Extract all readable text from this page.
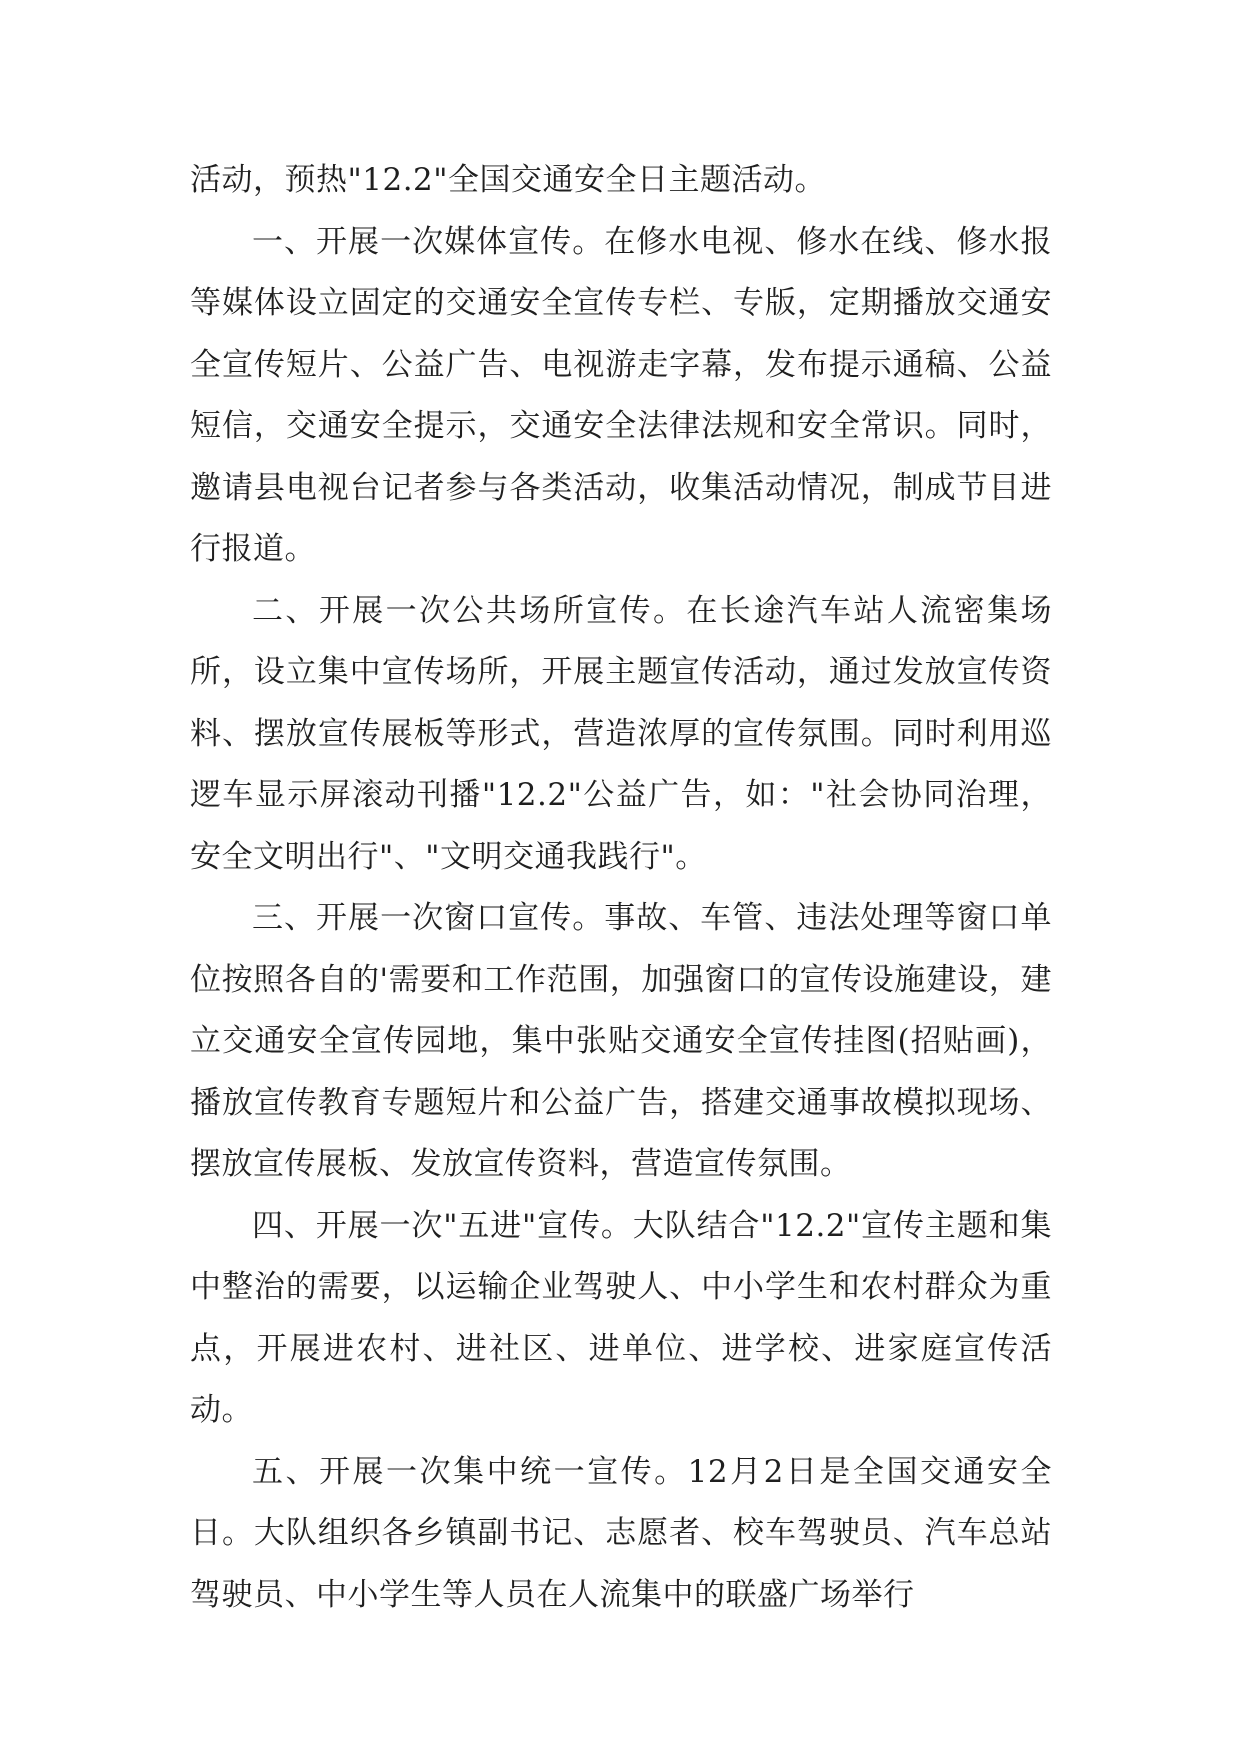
活动，预热"12.2"全国交通安全日主题活动。

一、开展一次媒体宣传。在修水电视、修水在线、修水报等媒体设立固定的交通安全宣传专栏、专版，定期播放交通安全宣传短片、公益广告、电视游走字幕，发布提示通稿、公益短信，交通安全提示，交通安全法律法规和安全常识。同时，邀请县电视台记者参与各类活动，收集活动情况，制成节目进行报道。

二、开展一次公共场所宣传。在长途汽车站人流密集场所，设立集中宣传场所，开展主题宣传活动，通过发放宣传资料、摆放宣传展板等形式，营造浓厚的宣传氛围。同时利用巡逻车显示屏滚动刊播"12.2"公益广告，如："社会协同治理，安全文明出行"、"文明交通我践行"。

三、开展一次窗口宣传。事故、车管、违法处理等窗口单位按照各自的'需要和工作范围，加强窗口的宣传设施建设，建立交通安全宣传园地，集中张贴交通安全宣传挂图(招贴画)，播放宣传教育专题短片和公益广告，搭建交通事故模拟现场、摆放宣传展板、发放宣传资料，营造宣传氛围。

四、开展一次"五进"宣传。大队结合"12.2"宣传主题和集中整治的需要，以运输企业驾驶人、中小学生和农村群众为重点，开展进农村、进社区、进单位、进学校、进家庭宣传活动。

五、开展一次集中统一宣传。12月2日是全国交通安全日。大队组织各乡镇副书记、志愿者、校车驾驶员、汽车总站驾驶员、中小学生等人员在人流集中的联盛广场举行
